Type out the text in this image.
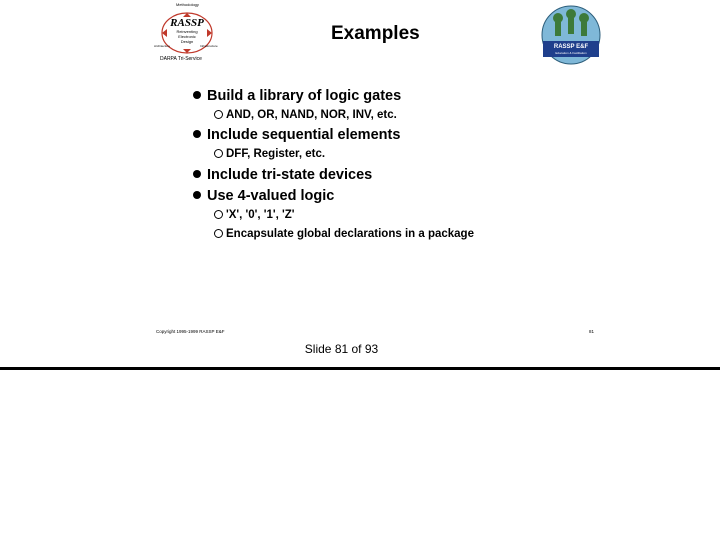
RASSP
Reinventing
Electronic
Design
Architecture	Infrastructure
Methodology
DARPA Tri-Service
Examples
RASSP E&F
Education & Facilitation
Build a library of logic gates
AND, OR, NAND, NOR, INV, etc.
Include sequential elements
DFF, Register, etc.
Include tri-state devices
Use 4-valued logic
'X', '0', '1', 'Z'
Encapsulate global declarations in a package
Copyright 1995-1999 RASSP E&F	81
Slide 81 of 93
